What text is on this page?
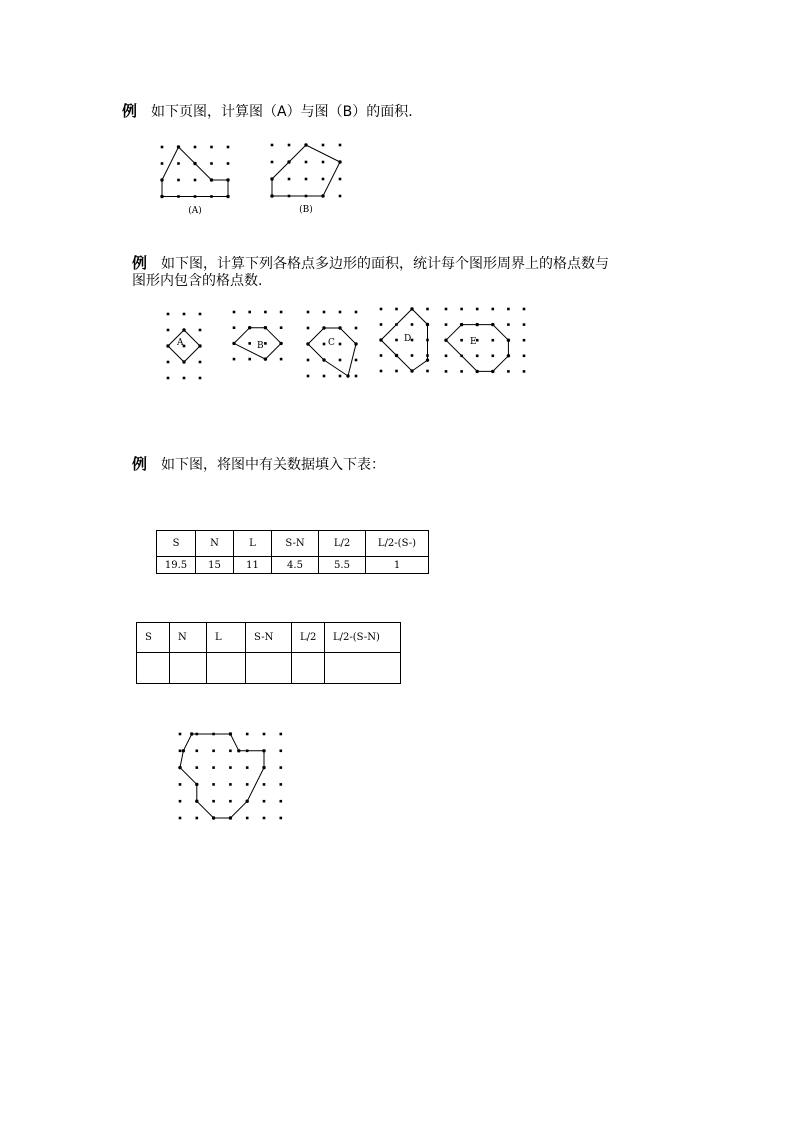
例 如下页图，计算图（A）与图（B）的面积.
(A)	(B)
例 如下图，计算下列各格点多边形的面积，统计每个图形周界上的格点数与
图形内包含的格点数.
A	B	C	D	E
例 如下图，将图中有关数据填入下表：
S	N	L	S-N	L/2	L/2-(S-)
19.5	15	11	4.5	5.5	1
S	N	L	S-N	L/2	L/2-(S-N)
